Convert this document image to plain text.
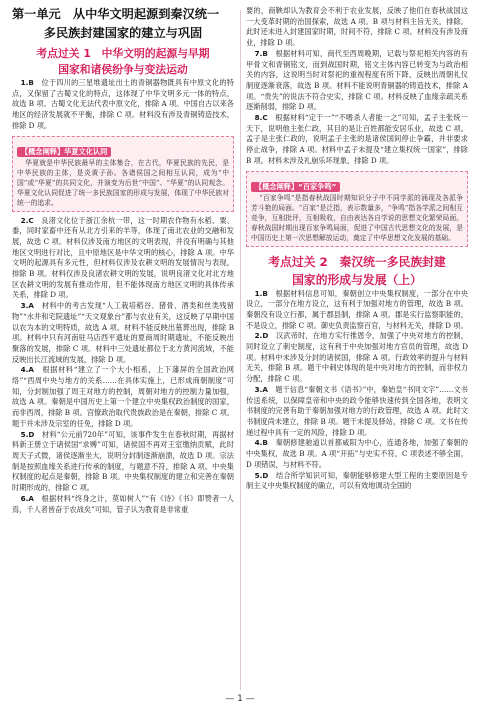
第一单元　从中华文明起源到秦汉统一
多民族封建国家的建立与巩固
考点过关 1　中华文明的起源与早期
国家和诸侯纷争与变法运动

1.B　 位于四川的三星堆遗址出土的青铜器物既具有中原文化的特点，又保留了古蜀文化的特点，这体现了中华文明多元一体的特点，故选 B 项。古蜀文化无法代表中原文化，排除 A 项。中国自古以来各地区的经济发展就不平衡，排除 C 项。材料没有涉及青铜铸造技术，排除 D 项。

【概念阐释】华夏文化认同

华夏就是中华民族最早的主体集合，在古代，华夏民族的先民，是中华民族的主体，是炎黄子孙。各诸侯国之间相互认同，成为“中国”或“华夏”的共同文化，并演变为后世“中国”、“华夏”的认同观念。华夏文化认同促进了统一多民族国家的形成与发展，体现了中华民族对统一的追求。

2.C　 良渚文化位于浙江余杭一带，这一时期农作物有水稻、粟、黍，同时家畜中还有从北方引来的羊等，体现了南北农业的交融和发展，故选 C 项。材料仅涉及南方地区的文明表现，并没有明确与其他地区文明进行对比，且中原地区是中华文明的核心，排除 A 项。中华文明的起源具有多元性，但材料仅涉及农耕文明的发展情况与表现，排除 B 项。材料仅涉及良渚农耕文明的发展，说明良渚文化对北方地区农耕文明的发展有推动作用，但不能体现南方地区文明的具体传承关系，排除 D 项。

3.A　 材料中的考古发现“人工栽培稻谷、猪骨、酒类和丝类残留物”“水井和宅院遗址”“天文观象台”都与农业有关，这反映了早期中国以农为本的文明特质，故选 A 项。材料不能反映出墓葬出现，排除 B 项。材料中只有河南驻马店西平遗址的夏商周时期遗址，不能反映出聚落的发展，排除 C 项。材料中三处遗址都位于北方黄河流域，不能反映出长江流域的发展，排除 D 项。

4.A　 根据材料“建立了一个大小相系，上下藩屏的全国政治网络”“西周中央与地方的关系……在具体实施上，已形成商朝制度”可知，分封制加强了周王对地方的控制，周朝对地方的控制力量加强，故选 A 项。秦朝是中国历史上第一个建立中央集权政治制度的国家，而非西周，排除 B 项。宫僚政治取代贵族政治是在秦朝，排除 C 项。题干并未涉及宗室的任免，排除 D 项。

5.D　 材料“公元前720年”可知，该事件发生在春秋时期，再据材料新王册立于诸侯国“求赙”可知，诸侯国不再对王室缴纳贡赋，此时周天子式微，诸侯逐渐坐大，说明分封制逐渐崩溃，故选 D 项。宗法制是按照血缘关系进行传承的制度，与题意不符，排除 A 项。中央集权制度的起点是秦朝，排除 B 项。中央集权制度的建立和完善在秦朝时期形成的，排除 C 项。

6.A　 根据材料“终身之计，莫如树人”“有《诗》《书》即赞者一人焉，千人者皆奋于农战矣”可知，管子认为教育是非常重

要的，商鞅却认为教育会不利于农业发展，反映了他们在春秋战国这一大变革时期的治国探索，故选 A 项。B 项与材料主旨无关，排除。此时还未进入封建国家时期，时间不符，排除 C 项。材料没有涉及商业，排除 D 项。

7.B　 根据材料可知，商代至西周晚期，记载与祭祀相关内容的有甲骨文和青铜铭文，而到战国时期，铭文主体内容已转变为与政治相关的内容，这说明当时对祭祀的重视程度有所下降，反映出周朝礼仪制度逐渐衰落，故选 B 项。材料不能说明青铜器的铸造技术，排除 A 项。“贵失”的说法不符合史实，排除 C 项。材料反映了血缘亲疏关系逐渐削弱，排除 D 项。

8.C　 根据材料“定于一”“不嗜杀人者能一之”可知，孟子主张统一天下，说明他主张仁政，其目的是让百姓都能安居乐业，故选 C 项。孟子是主张仁政的，说明孟子主张的是诸侯国间停止争霸，并非要求停止战争，排除 A 项。材料中孟子未提及“建立集权统一国家”，排除 B 项。材料未涉及礼崩乐坏现象，排除 D 项。

【概念阐释】“百家争鸣”

“百家争鸣”是指春秋战国时期知识分子中不同学派的涌现及各派争芳斗艳的局面。“百家”是泛指，表示数量多，“争鸣”指各学派之间相互竞争，互相批评，互相吸收，自由表达各自学说的思想文化繁荣局面。春秋战国时期出现百家争鸣局面，促进了中国古代思想文化的发展，是中国历史上第一次思想解放运动，奠定了中华思想文化发展的基础。

考点过关 2　秦汉统一多民族封建
国家的形成与发展（上）

1.B　 根据材料信息可知，秦朝创立中央集权制度，一部分在中央设立，一部分在地方设立，这有利于加强对地方的管理，故选 B 项。秦朝没有设立行都，属于郡县制，排除 A 项。郡是实行监察职能的，不是设立，排除 C 项。御史负责监察百官，与材料无关，排除 D 项。

2.D　 汉武帝时，在地方实行推恩令，加强了中央对地方的控制，同时设立了刺史制度，这有利于中央加强对地方官员的管理，故选 D 项。材料中未涉及分封的诸侯国，排除 A 项。行政效率的提升与材料无关，排除 B 项。题干中刺史体现的是中央对地方的控制，而非权力分配，排除 C 项。

3.A　 题干信息“秦朝文书《语书》”中，秦始皇“书同文字”……文书传送系统，以保障皇帝和中央的政令能够快速传到全国各地，表明文书制度的完善有助于秦朝加强对地方的行政管理，故选 A 项。此时文书制度尚未建立，排除 B 项。题干未提及驿站，排除 C 项。文书在传递过程中具有一定的风险，排除 D 项。

4.B　 秦朝修建驰道以首都咸阳为中心，连通各地，加强了秦朝的中央集权，故选 B 项。A 项“开拓”与史实不符，C 项表述不够全面，D 项错误，与材料不符。

5.D　 结合所学知识可知，秦朝能够修建大型工程的主要原因是专制主义中央集权制度的确立，可以有效地调动全国的

— 1 —
